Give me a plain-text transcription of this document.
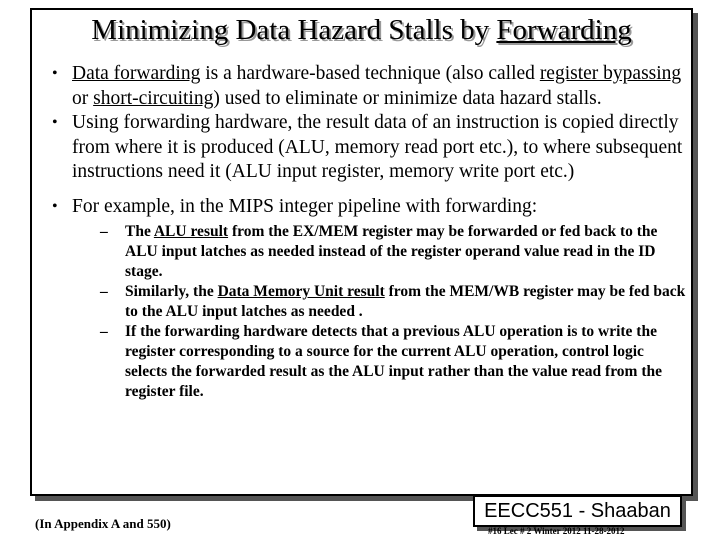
Minimizing Data Hazard Stalls by Forwarding
• Data forwarding is a hardware-based technique (also called register bypassing or short-circuiting) used to eliminate or minimize data hazard stalls.
• Using forwarding hardware, the result data of an instruction is copied directly from where it is produced (ALU, memory read port etc.), to where subsequent instructions need it (ALU input register, memory write port etc.)
• For example, in the MIPS integer pipeline with forwarding:
– The ALU result from the EX/MEM register may be forwarded or fed back to the ALU input latches as needed instead of the register operand value read in the ID stage.
– Similarly, the Data Memory Unit result from the MEM/WB register may be fed back to the ALU input latches as needed .
– If the forwarding hardware detects that a previous ALU operation is to write the register corresponding to a source for the current ALU operation, control logic selects the forwarded result as the ALU input rather than the value read from the register file.
(In Appendix A and 550)
EECC551 - Shaaban
#16 Lec # 2 Winter 2012 11-28-2012
